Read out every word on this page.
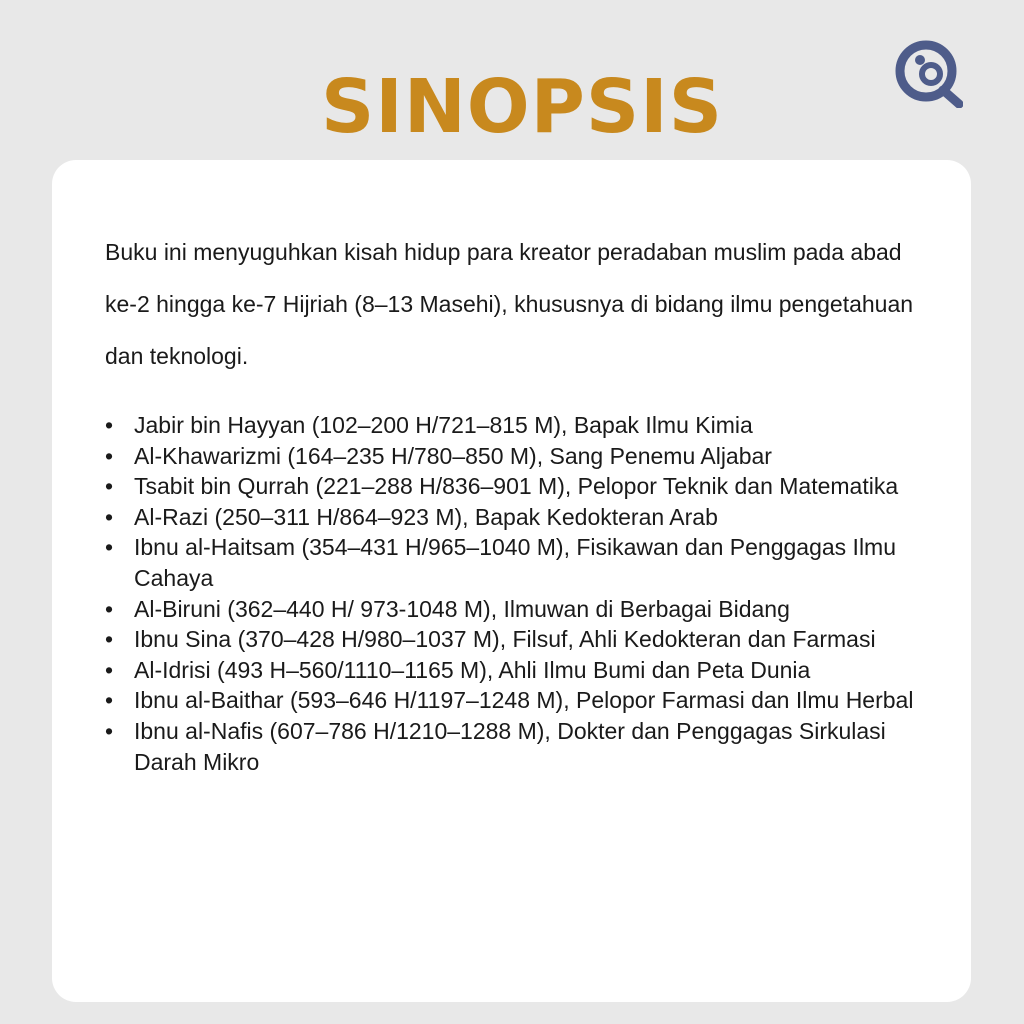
SINOPSIS

Buku ini menyuguhkan kisah hidup para kreator peradaban muslim pada abad ke-2 hingga ke-7 Hijriah (8–13 Masehi), khususnya di bidang ilmu pengetahuan dan teknologi.

• Jabir bin Hayyan (102–200 H/721–815 M), Bapak Ilmu Kimia
• Al-Khawarizmi (164–235 H/780–850 M), Sang Penemu Aljabar
• Tsabit bin Qurrah (221–288 H/836–901 M), Pelopor Teknik dan Matematika
• Al-Razi (250–311 H/864–923 M), Bapak Kedokteran Arab
• Ibnu al-Haitsam (354–431 H/965–1040 M), Fisikawan dan Penggagas Ilmu Cahaya
• Al-Biruni (362–440 H/ 973-1048 M), Ilmuwan di Berbagai Bidang
• Ibnu Sina (370–428 H/980–1037 M), Filsuf, Ahli Kedokteran dan Farmasi
• Al-Idrisi (493 H–560/1110–1165 M), Ahli Ilmu Bumi dan Peta Dunia
• Ibnu al-Baithar (593–646 H/1197–1248 M), Pelopor Farmasi dan Ilmu Herbal
• Ibnu al-Nafis (607–786 H/1210–1288 M), Dokter dan Penggagas Sirkulasi Darah Mikro
